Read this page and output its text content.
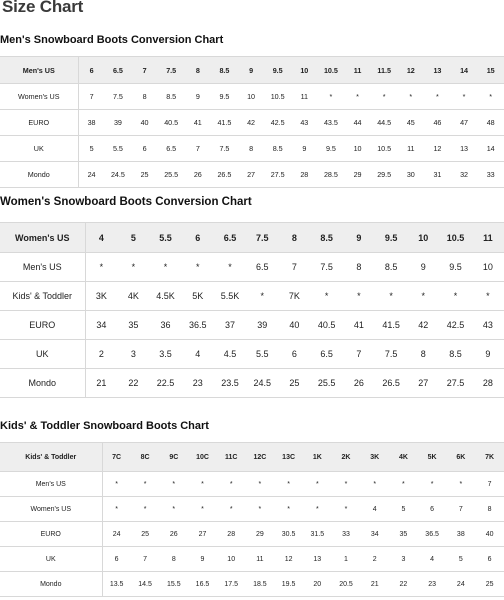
Size Chart
Men's Snowboard Boots Conversion Chart
Men's US	6	6.5	7	7.5	8	8.5	9	9.5	10	10.5	11	11.5	12	13	14	15
Women's US	7	7.5	8	8.5	9	9.5	10	10.5	11	*	*	*	*	*	*	*
EURO	38	39	40	40.5	41	41.5	42	42.5	43	43.5	44	44.5	45	46	47	48
UK	5	5.5	6	6.5	7	7.5	8	8.5	9	9.5	10	10.5	11	12	13	14
Mondo	24	24.5	25	25.5	26	26.5	27	27.5	28	28.5	29	29.5	30	31	32	33
Women's Snowboard Boots Conversion Chart
Women's US	4	5	5.5	6	6.5	7.5	8	8.5	9	9.5	10	10.5	11
Men's US	*	*	*	*	*	6.5	7	7.5	8	8.5	9	9.5	10
Kids' & Toddler	3K	4K	4.5K	5K	5.5K	*	7K	*	*	*	*	*	*
EURO	34	35	36	36.5	37	39	40	40.5	41	41.5	42	42.5	43
UK	2	3	3.5	4	4.5	5.5	6	6.5	7	7.5	8	8.5	9
Mondo	21	22	22.5	23	23.5	24.5	25	25.5	26	26.5	27	27.5	28
Kids' & Toddler Snowboard Boots Chart
Kids' & Toddler	7C	8C	9C	10C	11C	12C	13C	1K	2K	3K	4K	5K	6K	7K
Men's US	*	*	*	*	*	*	*	*	*	*	*	*	*	7
Women's US	*	*	*	*	*	*	*	*	*	4	5	6	7	8
EURO	24	25	26	27	28	29	30.5	31.5	33	34	35	36.5	38	40
UK	6	7	8	9	10	11	12	13	1	2	3	4	5	6
Mondo	13.5	14.5	15.5	16.5	17.5	18.5	19.5	20	20.5	21	22	23	24	25
